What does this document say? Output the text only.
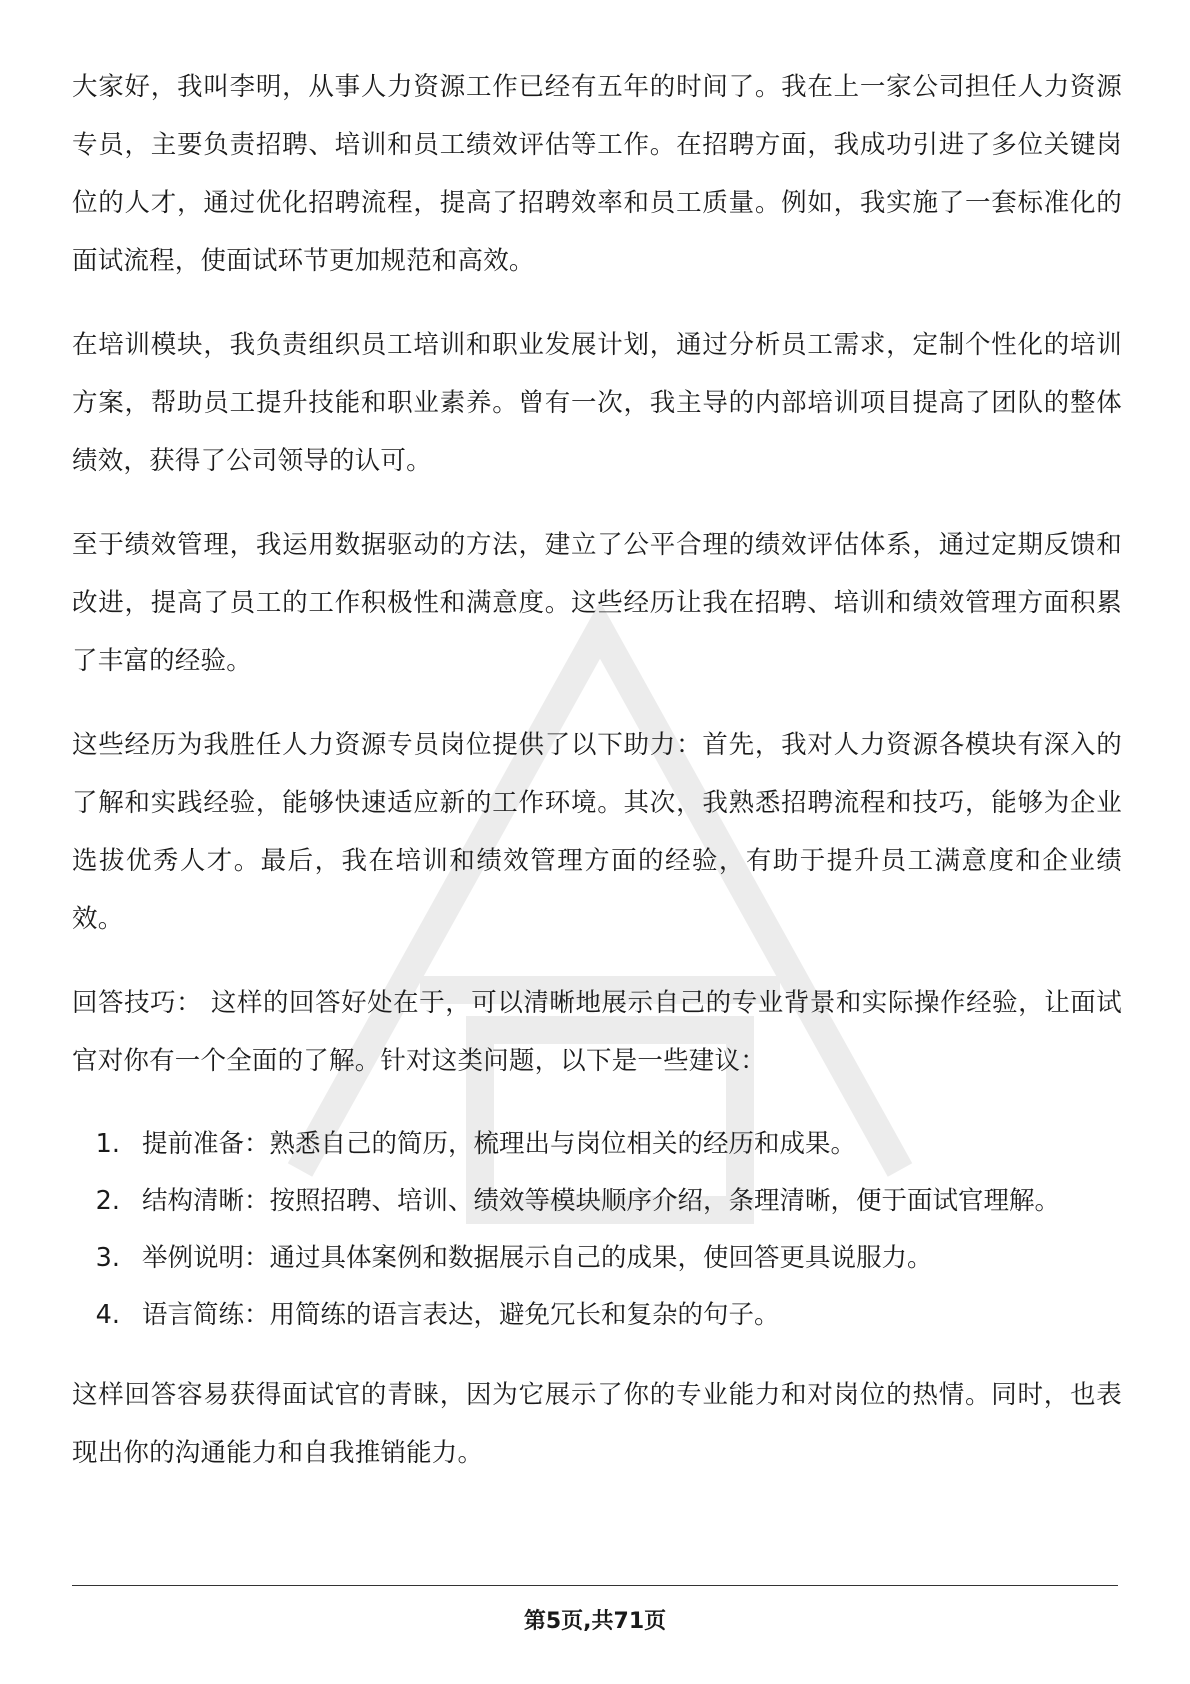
大家好，我叫李明，从事人力资源工作已经有五年的时间了。我在上一家公司担任人力资源专员，主要负责招聘、培训和员工绩效评估等工作。在招聘方面，我成功引进了多位关键岗位的人才，通过优化招聘流程，提高了招聘效率和员工质量。例如，我实施了一套标准化的面试流程，使面试环节更加规范和高效。

在培训模块，我负责组织员工培训和职业发展计划，通过分析员工需求，定制个性化的培训方案，帮助员工提升技能和职业素养。曾有一次，我主导的内部培训项目提高了团队的整体绩效，获得了公司领导的认可。

至于绩效管理，我运用数据驱动的方法，建立了公平合理的绩效评估体系，通过定期反馈和改进，提高了员工的工作积极性和满意度。这些经历让我在招聘、培训和绩效管理方面积累了丰富的经验。

这些经历为我胜任人力资源专员岗位提供了以下助力：首先，我对人力资源各模块有深入的了解和实践经验，能够快速适应新的工作环境。其次，我熟悉招聘流程和技巧，能够为企业选拔优秀人才。最后，我在培训和绩效管理方面的经验，有助于提升员工满意度和企业绩效。

回答技巧： 这样的回答好处在于，可以清晰地展示自己的专业背景和实际操作经验，让面试官对你有一个全面的了解。针对这类问题，以下是一些建议：

1. 提前准备：熟悉自己的简历，梳理出与岗位相关的经历和成果。
2. 结构清晰：按照招聘、培训、绩效等模块顺序介绍，条理清晰，便于面试官理解。
3. 举例说明：通过具体案例和数据展示自己的成果，使回答更具说服力。
4. 语言简练：用简练的语言表达，避免冗长和复杂的句子。

这样回答容易获得面试官的青睐，因为它展示了你的专业能力和对岗位的热情。同时，也表现出你的沟通能力和自我推销能力。

第5页,共71页
